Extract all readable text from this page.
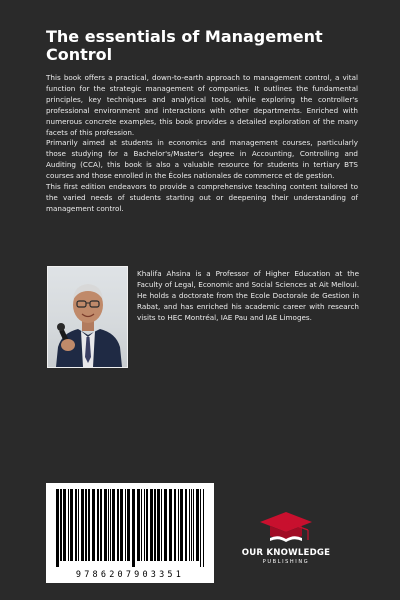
The essentials of Management Control

This book offers a practical, down-to-earth approach to management control, a vital function for the strategic management of companies. It outlines the fundamental principles, key techniques and analytical tools, while exploring the controller's professional environment and interactions with other departments. Enriched with numerous concrete examples, this book provides a detailed exploration of the many facets of this profession.

Primarily aimed at students in economics and management courses, particularly those studying for a Bachelor's/Master's degree in Accounting, Controlling and Auditing (CCA), this book is also a valuable resource for students in tertiary BTS courses and those enrolled in the Écoles nationales de commerce et de gestion.

This first edition endeavors to provide a comprehensive teaching content tailored to the varied needs of students starting out or deepening their understanding of management control.

Khalifa Ahsina is a Professor of Higher Education at the Faculty of Legal, Economic and Social Sciences at Ait Melloul. He holds a doctorate from the Ecole Doctorale de Gestion in Rabat, and has enriched his academic career with research visits to HEC Montréal, IAE Pau and IAE Limoges.

9786207903351
OUR KNOWLEDGE
PUBLISHING
